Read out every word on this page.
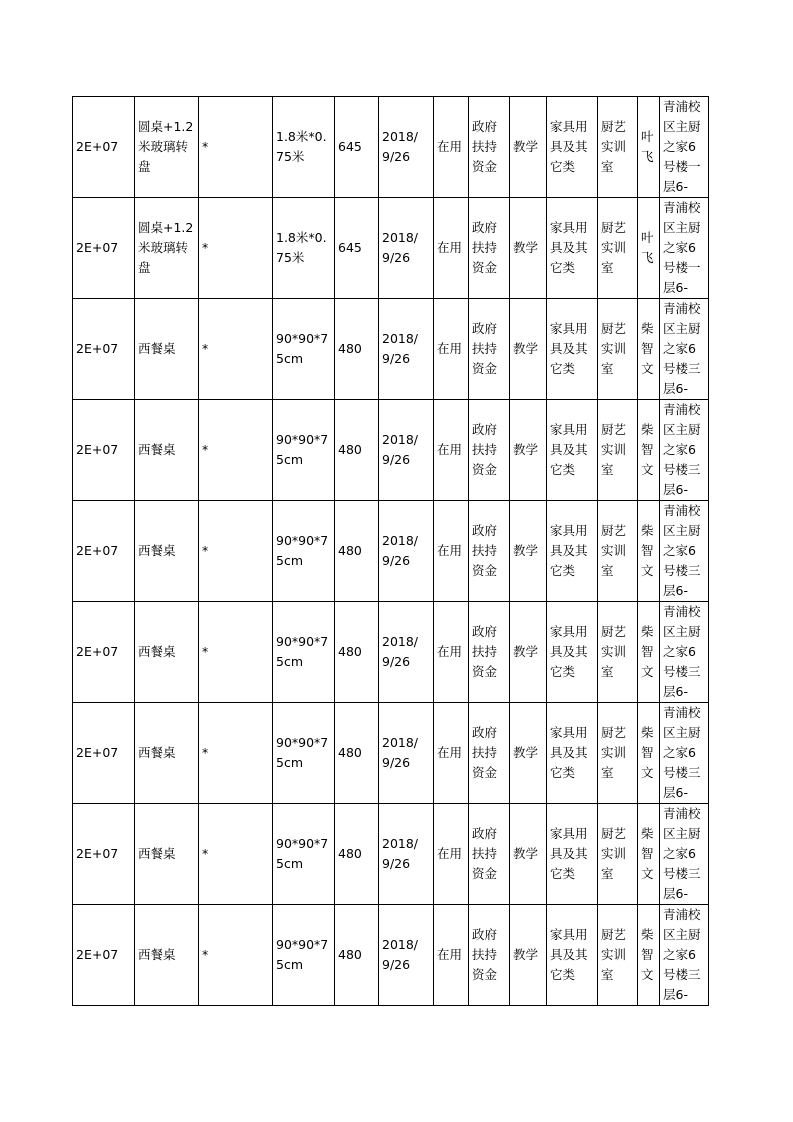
2E+07	圆桌+1.2米玻璃转盘	*	1.8米*0.75米	645	2018/9/26	在用	政府扶持资金	教学	家具用具及其它类	厨艺实训室	叶飞	青浦校区主厨之家6号楼一层6-
2E+07	圆桌+1.2米玻璃转盘	*	1.8米*0.75米	645	2018/9/26	在用	政府扶持资金	教学	家具用具及其它类	厨艺实训室	叶飞	青浦校区主厨之家6号楼一层6-
2E+07	西餐桌	*	90*90*75cm	480	2018/9/26	在用	政府扶持资金	教学	家具用具及其它类	厨艺实训室	柴智文	青浦校区主厨之家6号楼三层6-
2E+07	西餐桌	*	90*90*75cm	480	2018/9/26	在用	政府扶持资金	教学	家具用具及其它类	厨艺实训室	柴智文	青浦校区主厨之家6号楼三层6-
2E+07	西餐桌	*	90*90*75cm	480	2018/9/26	在用	政府扶持资金	教学	家具用具及其它类	厨艺实训室	柴智文	青浦校区主厨之家6号楼三层6-
2E+07	西餐桌	*	90*90*75cm	480	2018/9/26	在用	政府扶持资金	教学	家具用具及其它类	厨艺实训室	柴智文	青浦校区主厨之家6号楼三层6-
2E+07	西餐桌	*	90*90*75cm	480	2018/9/26	在用	政府扶持资金	教学	家具用具及其它类	厨艺实训室	柴智文	青浦校区主厨之家6号楼三层6-
2E+07	西餐桌	*	90*90*75cm	480	2018/9/26	在用	政府扶持资金	教学	家具用具及其它类	厨艺实训室	柴智文	青浦校区主厨之家6号楼三层6-
2E+07	西餐桌	*	90*90*75cm	480	2018/9/26	在用	政府扶持资金	教学	家具用具及其它类	厨艺实训室	柴智文	青浦校区主厨之家6号楼三层6-
